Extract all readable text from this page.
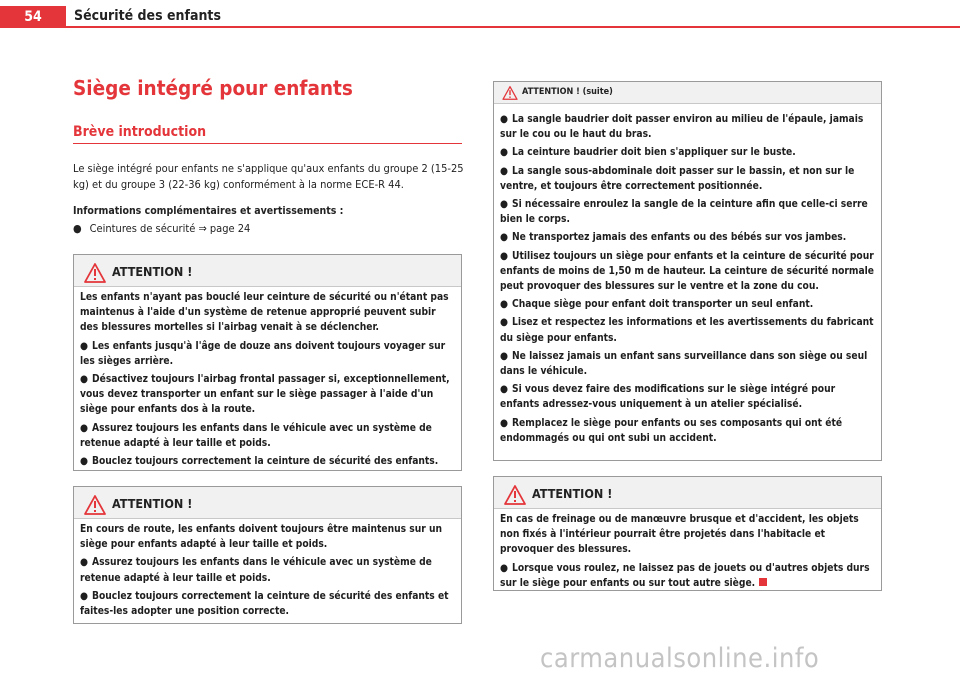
54	Sécurité des enfants
Siège intégré pour enfants
Brève introduction
Le siège intégré pour enfants ne s'applique qu'aux enfants du groupe 2 (15-25 kg) et du groupe 3 (22-36 kg) conformément à la norme ECE-R 44.
Informations complémentaires et avertissements :
● Ceintures de sécurité ⇒ page 24
ATTENTION !

Les enfants n'ayant pas bouclé leur ceinture de sécurité ou n'étant pas maintenus à l'aide d'un système de retenue approprié peuvent subir des blessures mortelles si l'airbag venait à se déclencher.

● Les enfants jusqu'à l'âge de douze ans doivent toujours voyager sur les sièges arrière.

● Désactivez toujours l'airbag frontal passager si, exceptionnellement, vous devez transporter un enfant sur le siège passager à l'aide d'un siège pour enfants dos à la route.

● Assurez toujours les enfants dans le véhicule avec un système de retenue adapté à leur taille et poids.

● Bouclez toujours correctement la ceinture de sécurité des enfants.

ATTENTION !

En cours de route, les enfants doivent toujours être maintenus sur un siège pour enfants adapté à leur taille et poids.

● Assurez toujours les enfants dans le véhicule avec un système de retenue adapté à leur taille et poids.

● Bouclez toujours correctement la ceinture de sécurité des enfants et faites-les adopter une position correcte.

ATTENTION ! (suite)

● La sangle baudrier doit passer environ au milieu de l'épaule, jamais sur le cou ou le haut du bras.

● La ceinture baudrier doit bien s'appliquer sur le buste.

● La sangle sous-abdominale doit passer sur le bassin, et non sur le ventre, et toujours être correctement positionnée.

● Si nécessaire enroulez la sangle de la ceinture afin que celle-ci serre bien le corps.

● Ne transportez jamais des enfants ou des bébés sur vos jambes.

● Utilisez toujours un siège pour enfants et la ceinture de sécurité pour enfants de moins de 1,50 m de hauteur. La ceinture de sécurité normale peut provoquer des blessures sur le ventre et la zone du cou.

● Chaque siège pour enfant doit transporter un seul enfant.

● Lisez et respectez les informations et les avertissements du fabricant du siège pour enfants.

● Ne laissez jamais un enfant sans surveillance dans son siège ou seul dans le véhicule.

● Si vous devez faire des modifications sur le siège intégré pour enfants adressez-vous uniquement à un atelier spécialisé.

● Remplacez le siège pour enfants ou ses composants qui ont été endommagés ou qui ont subi un accident.

ATTENTION !

En cas de freinage ou de manœuvre brusque et d'accident, les objets non fixés à l'intérieur pourrait être projetés dans l'habitacle et provoquer des blessures.

● Lorsque vous roulez, ne laissez pas de jouets ou d'autres objets durs sur le siège pour enfants ou sur tout autre siège.

carmanualsonline.info
